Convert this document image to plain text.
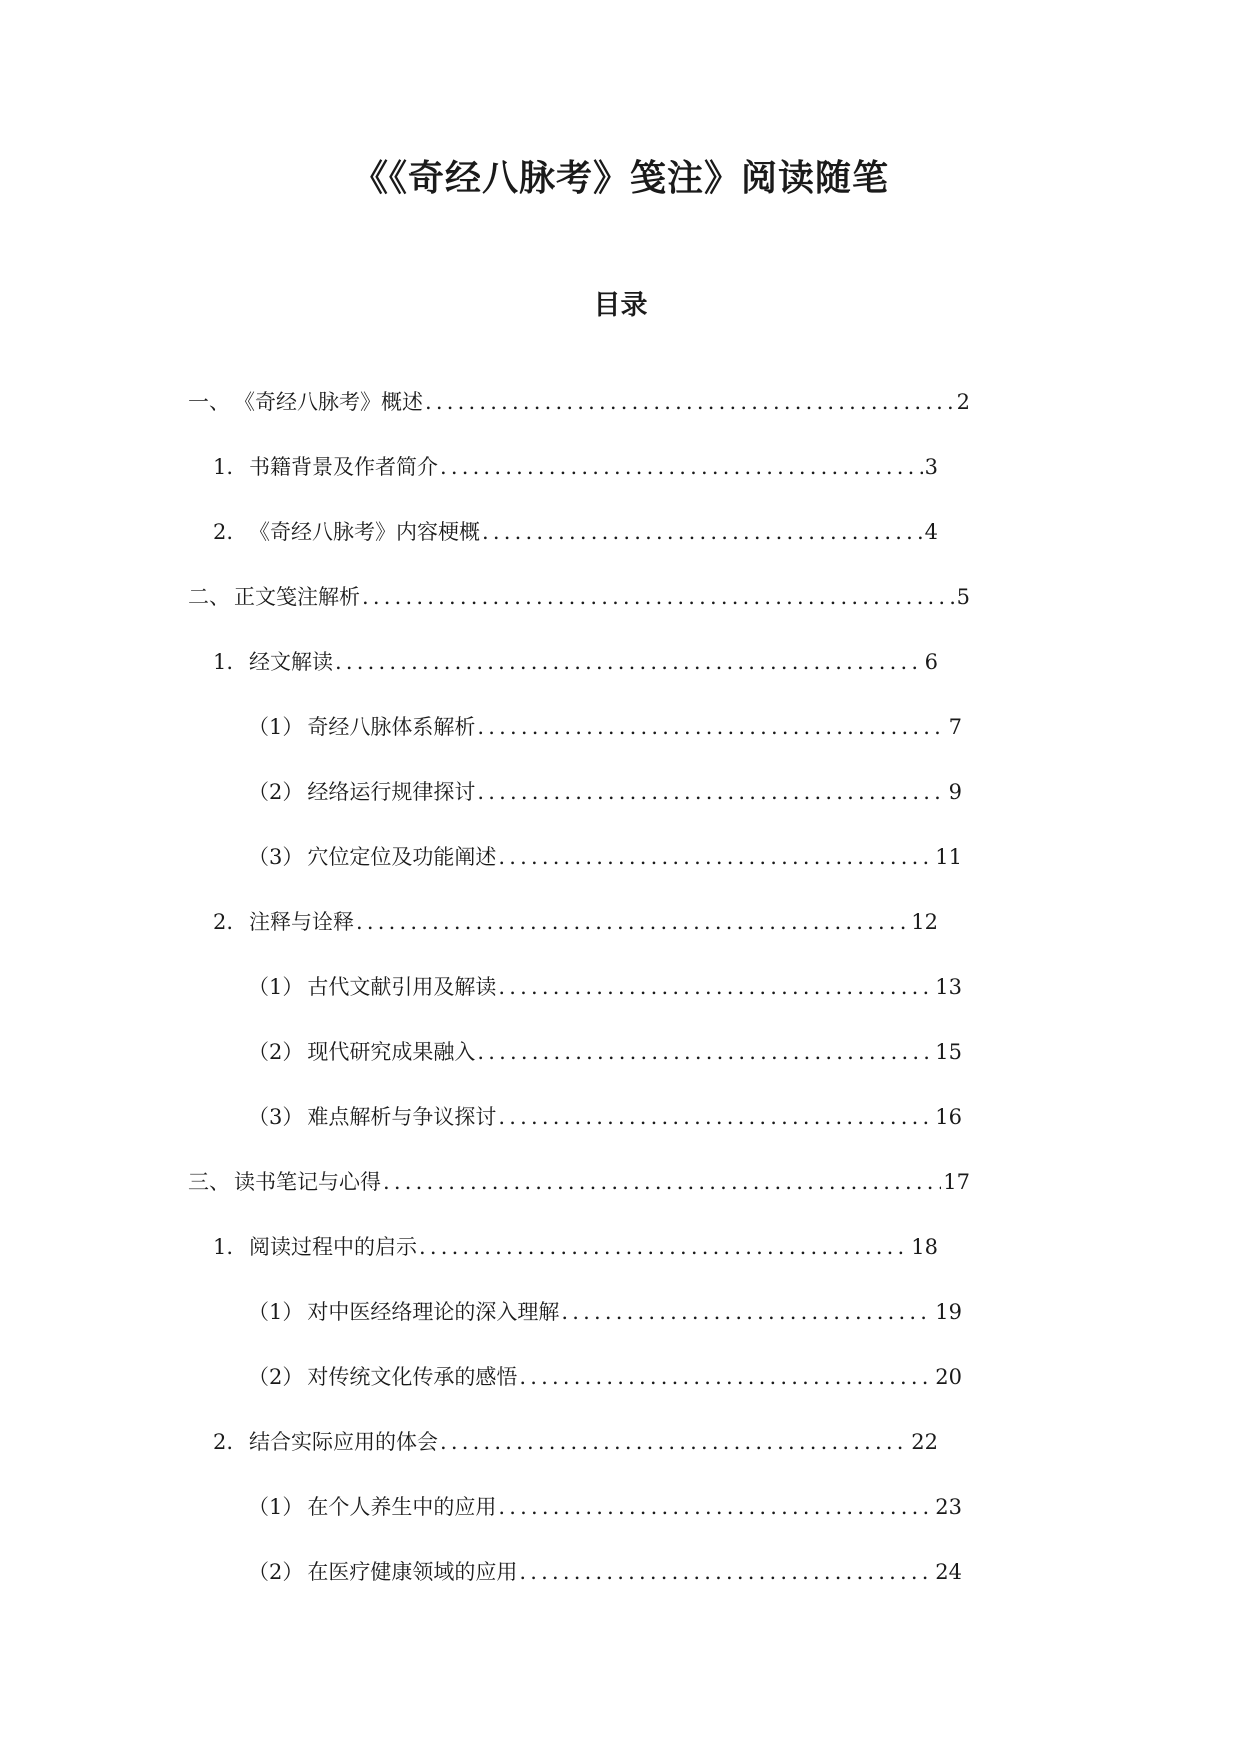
《《奇经八脉考》笺注》阅读随笔
目录
一、 《奇经八脉考》概述 .....	2
1. 书籍背景及作者简介 .....	3
2. 《奇经八脉考》内容梗概 .....	4
二、 正文笺注解析 .....	5
1. 经文解读 .....	6
（1） 奇经八脉体系解析 .....	7
（2） 经络运行规律探讨 .....	9
（3） 穴位定位及功能阐述 .....	11
2. 注释与诠释 .....	12
（1） 古代文献引用及解读 .....	13
（2） 现代研究成果融入 .....	15
（3） 难点解析与争议探讨 .....	16
三、 读书笔记与心得 .....	17
1. 阅读过程中的启示 .....	18
（1） 对中医经络理论的深入理解 .....	19
（2） 对传统文化传承的感悟 .....	20
2. 结合实际应用的体会 .....	22
（1） 在个人养生中的应用 .....	23
（2） 在医疗健康领域的应用 .....	24
